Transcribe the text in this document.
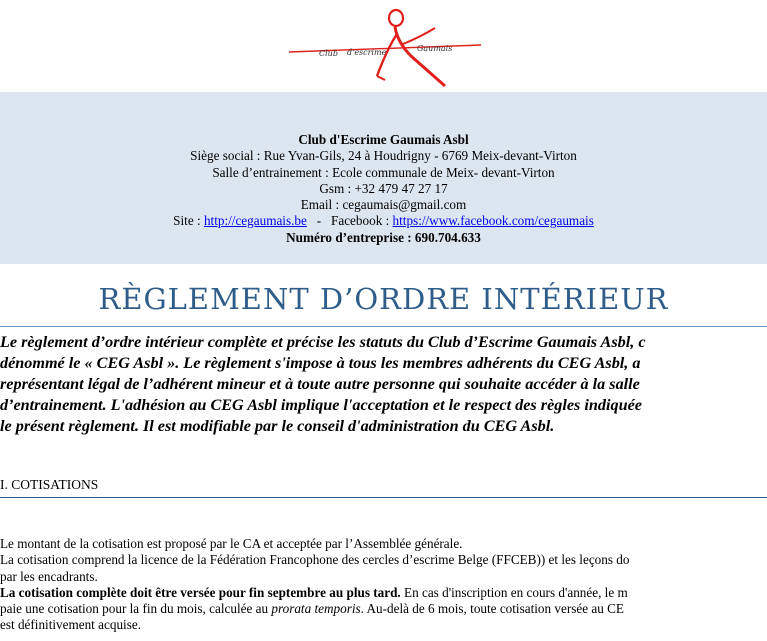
Club d'escrime	Gaumais
Club d'Escrime Gaumais Asbl
Siège social : Rue Yvan-Gils, 24 à Houdrigny - 6769 Meix-devant-Virton
Salle d’entrainement : Ecole communale de Meix- devant-Virton
Gsm : +32 479 47 27 17
Email : cegaumais@gmail.com
Site : http://cegaumais.be   -   Facebook : https://www.facebook.com/cegaumais
Numéro d’entreprise : 690.704.633
RÈGLEMENT D’ORDRE INTÉRIEUR
Le règlement d’ordre intérieur complète et précise les statuts du Club d’Escrime Gaumais Asbl, c
dénommé le « CEG Asbl ». Le règlement s'impose à tous les membres adhérents du CEG Asbl, a
représentant légal de l’adhérent mineur et à toute autre personne qui souhaite accéder à la salle
d’entrainement. L'adhésion au CEG Asbl implique l'acceptation et le respect des règles indiquée
le présent règlement. Il est modifiable par le conseil d'administration du CEG Asbl.
I. COTISATIONS
Le montant de la cotisation est proposé par le CA et acceptée par l’Assemblée générale.
La cotisation comprend la licence de la Fédération Francophone des cercles d’escrime Belge (FFCEB)) et les leçons do
par les encadrants.
La cotisation complète doit être versée pour fin septembre au plus tard. En cas d'inscription en cours d'année, le m
paie une cotisation pour la fin du mois, calculée au prorata temporis. Au-delà de 6 mois, toute cotisation versée au CE
est définitivement acquise.
